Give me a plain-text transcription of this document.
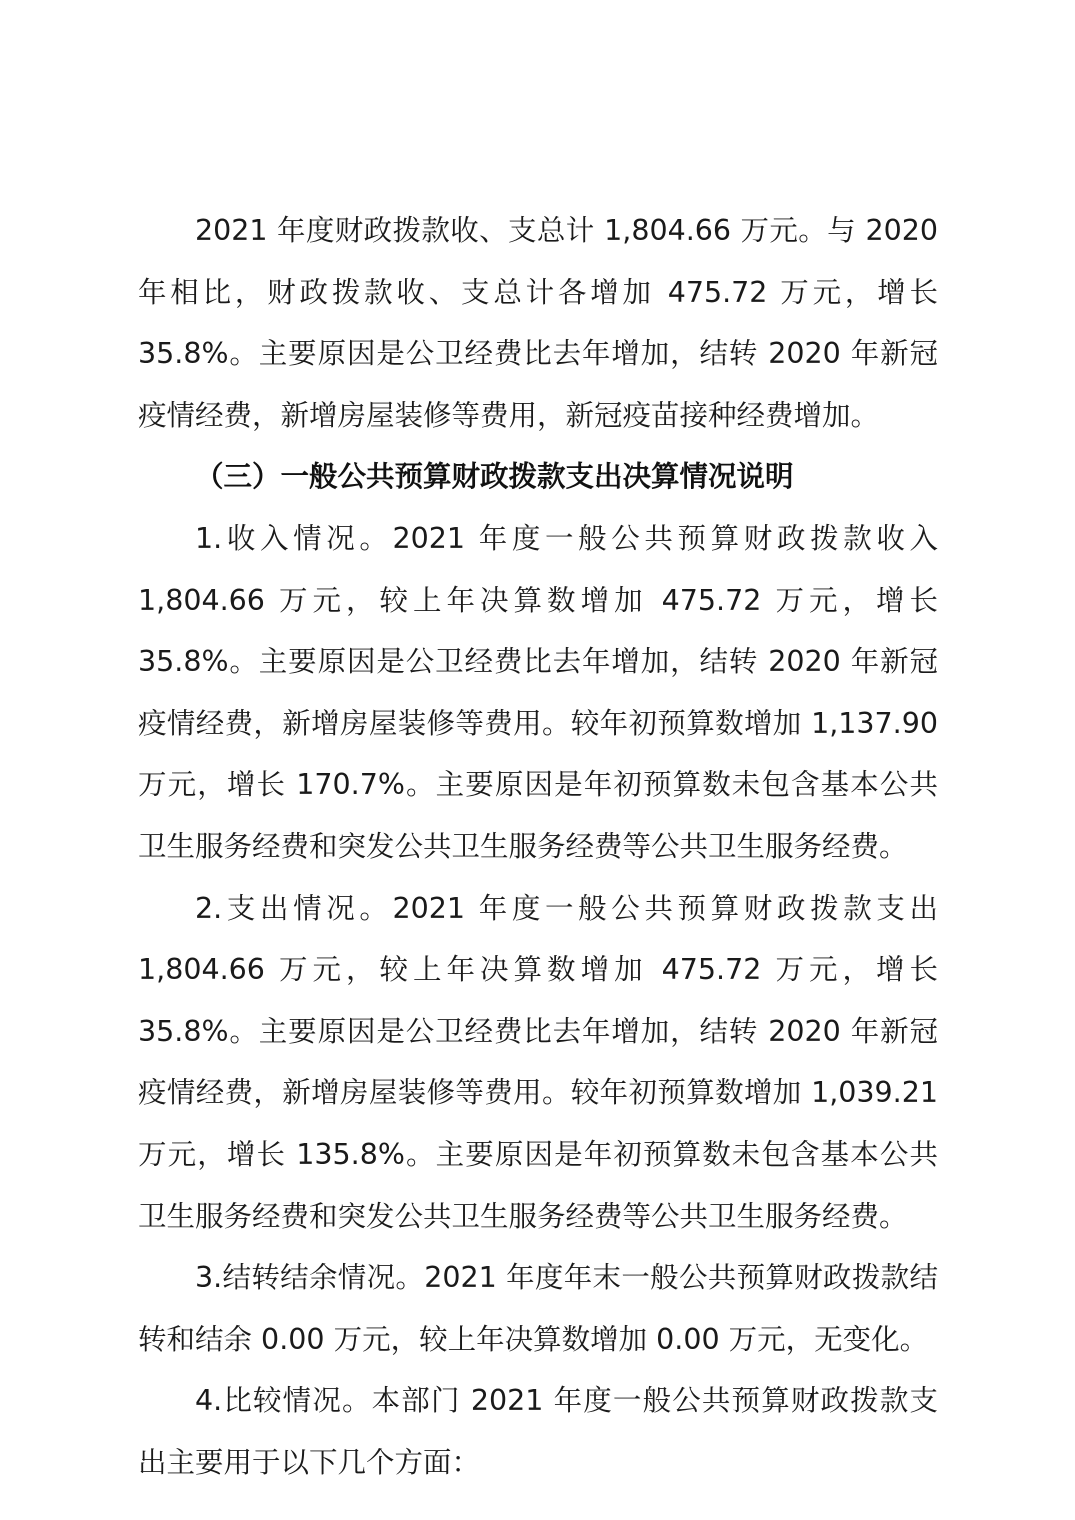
2021 年度财政拨款收、支总计 1,804.66 万元。与 2020 年相比，财政拨款收、支总计各增加 475.72 万元，增长 35.8%。主要原因是公卫经费比去年增加，结转 2020 年新冠疫情经费，新增房屋装修等费用，新冠疫苗接种经费增加。

（三）一般公共预算财政拨款支出决算情况说明

1.收入情况。2021 年度一般公共预算财政拨款收入 1,804.66 万元，较上年决算数增加 475.72 万元，增长 35.8%。主要原因是公卫经费比去年增加，结转 2020 年新冠疫情经费，新增房屋装修等费用。较年初预算数增加 1,137.90 万元，增长 170.7%。主要原因是年初预算数未包含基本公共卫生服务经费和突发公共卫生服务经费等公共卫生服务经费。

2.支出情况。2021 年度一般公共预算财政拨款支出 1,804.66 万元，较上年决算数增加 475.72 万元，增长 35.8%。主要原因是公卫经费比去年增加，结转 2020 年新冠疫情经费，新增房屋装修等费用。较年初预算数增加 1,039.21 万元，增长 135.8%。主要原因是年初预算数未包含基本公共卫生服务经费和突发公共卫生服务经费等公共卫生服务经费。

3.结转结余情况。2021 年度年末一般公共预算财政拨款结转和结余 0.00 万元，较上年决算数增加 0.00 万元，无变化。

4.比较情况。本部门 2021 年度一般公共预算财政拨款支出主要用于以下几个方面：
